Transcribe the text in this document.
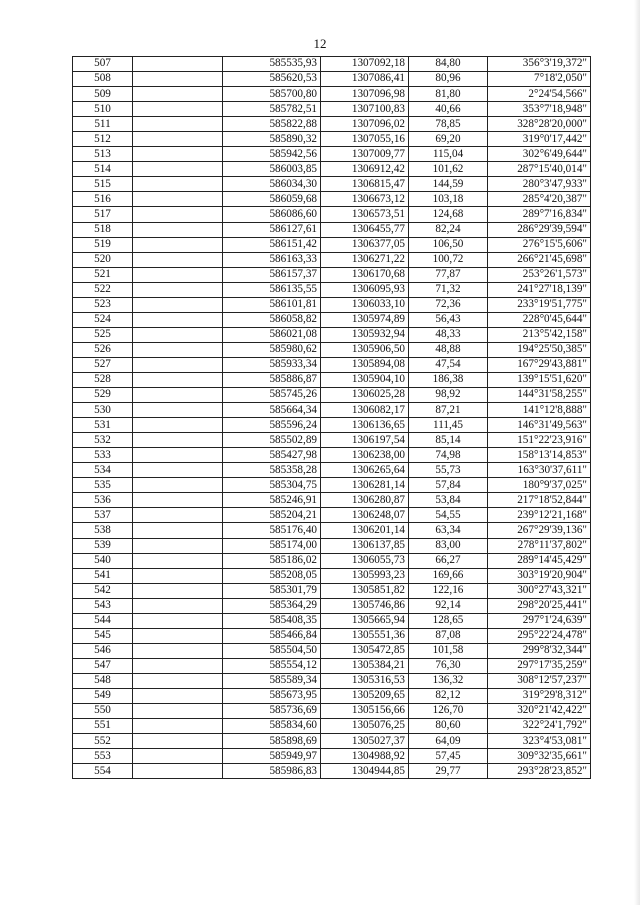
12
507		585535,93	1307092,18	84,80	356°3'19,372"
508		585620,53	1307086,41	80,96	7°18'2,050"
509		585700,80	1307096,98	81,80	2°24'54,566"
510		585782,51	1307100,83	40,66	353°7'18,948"
511		585822,88	1307096,02	78,85	328°28'20,000"
512		585890,32	1307055,16	69,20	319°0'17,442"
513		585942,56	1307009,77	115,04	302°6'49,644"
514		586003,85	1306912,42	101,62	287°15'40,014"
515		586034,30	1306815,47	144,59	280°3'47,933"
516		586059,68	1306673,12	103,18	285°4'20,387"
517		586086,60	1306573,51	124,68	289°7'16,834"
518		586127,61	1306455,77	82,24	286°29'39,594"
519		586151,42	1306377,05	106,50	276°15'5,606"
520		586163,33	1306271,22	100,72	266°21'45,698"
521		586157,37	1306170,68	77,87	253°26'1,573"
522		586135,55	1306095,93	71,32	241°27'18,139"
523		586101,81	1306033,10	72,36	233°19'51,775"
524		586058,82	1305974,89	56,43	228°0'45,644"
525		586021,08	1305932,94	48,33	213°5'42,158"
526		585980,62	1305906,50	48,88	194°25'50,385"
527		585933,34	1305894,08	47,54	167°29'43,881"
528		585886,87	1305904,10	186,38	139°15'51,620"
529		585745,26	1306025,28	98,92	144°31'58,255"
530		585664,34	1306082,17	87,21	141°12'8,888"
531		585596,24	1306136,65	111,45	146°31'49,563"
532		585502,89	1306197,54	85,14	151°22'23,916"
533		585427,98	1306238,00	74,98	158°13'14,853"
534		585358,28	1306265,64	55,73	163°30'37,611"
535		585304,75	1306281,14	57,84	180°9'37,025"
536		585246,91	1306280,87	53,84	217°18'52,844"
537		585204,21	1306248,07	54,55	239°12'21,168"
538		585176,40	1306201,14	63,34	267°29'39,136"
539		585174,00	1306137,85	83,00	278°11'37,802"
540		585186,02	1306055,73	66,27	289°14'45,429"
541		585208,05	1305993,23	169,66	303°19'20,904"
542		585301,79	1305851,82	122,16	300°27'43,321"
543		585364,29	1305746,86	92,14	298°20'25,441"
544		585408,35	1305665,94	128,65	297°1'24,639"
545		585466,84	1305551,36	87,08	295°22'24,478"
546		585504,50	1305472,85	101,58	299°8'32,344"
547		585554,12	1305384,21	76,30	297°17'35,259"
548		585589,34	1305316,53	136,32	308°12'57,237"
549		585673,95	1305209,65	82,12	319°29'8,312"
550		585736,69	1305156,66	126,70	320°21'42,422"
551		585834,60	1305076,25	80,60	322°24'1,792"
552		585898,69	1305027,37	64,09	323°4'53,081"
553		585949,97	1304988,92	57,45	309°32'35,661"
554		585986,83	1304944,85	29,77	293°28'23,852"
